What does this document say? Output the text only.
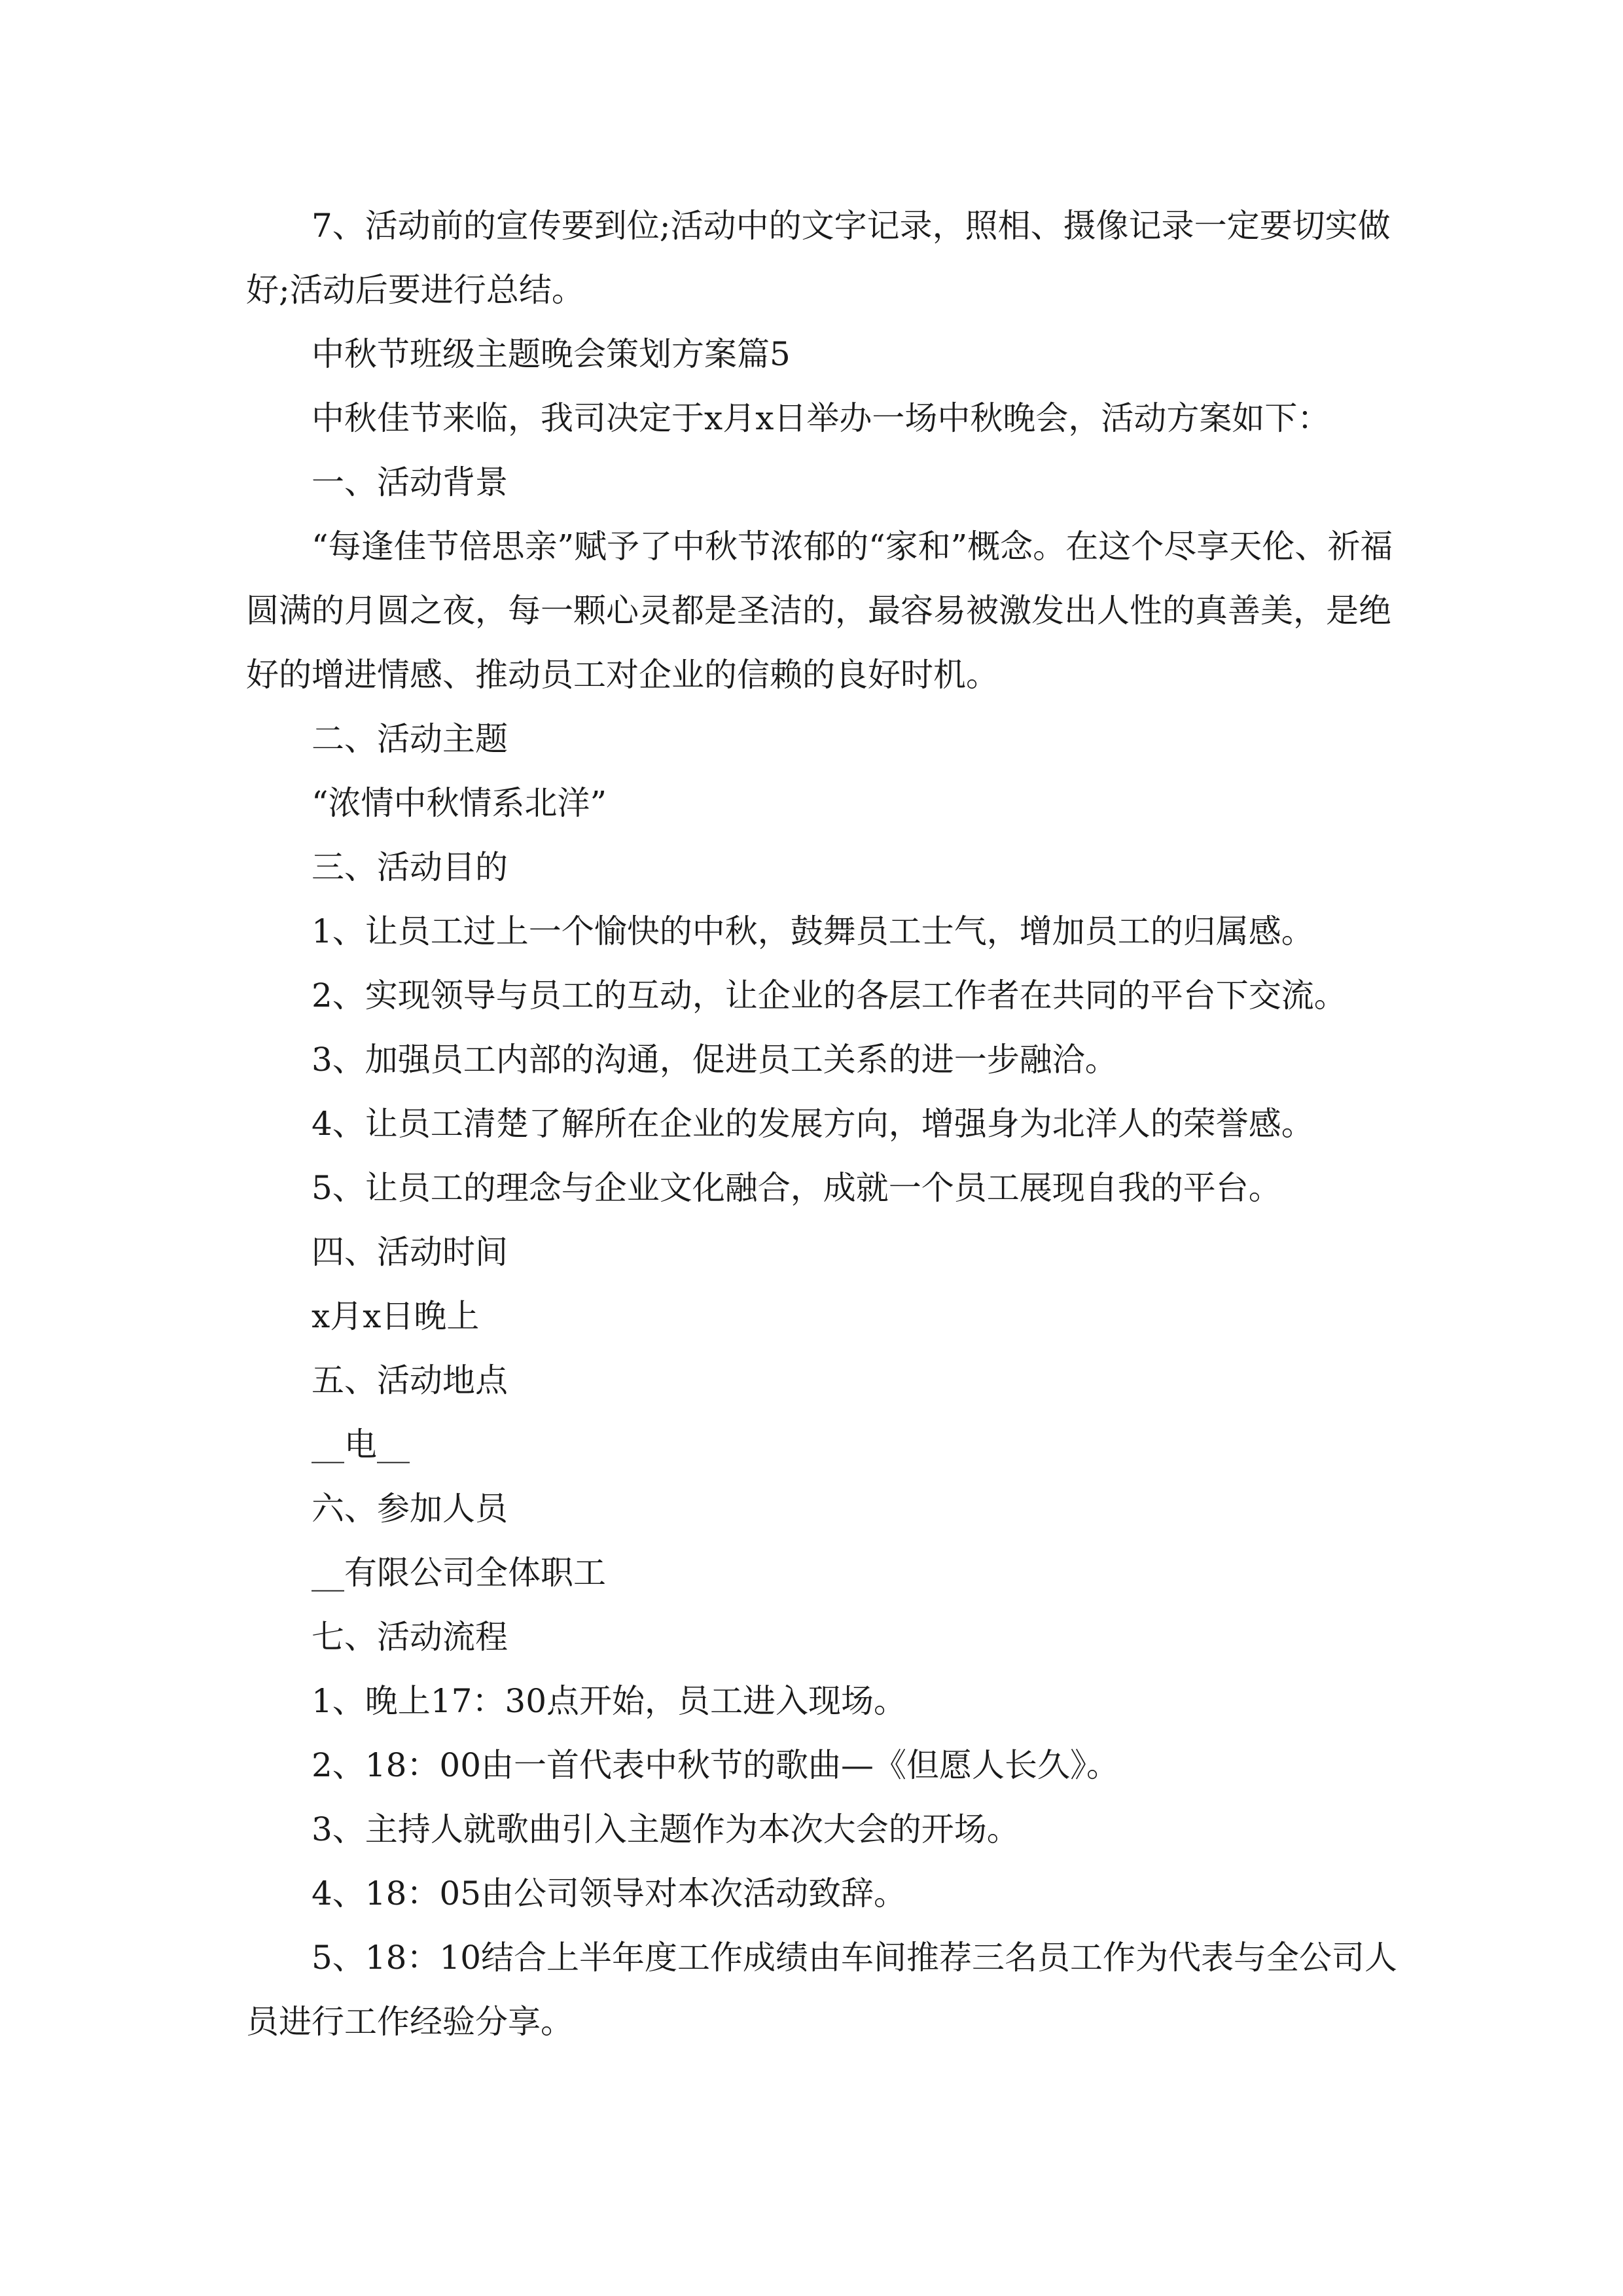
7、活动前的宣传要到位;活动中的文字记录，照相、摄像记录一定要切实做好;活动后要进行总结。

中秋节班级主题晚会策划方案篇5

中秋佳节来临，我司决定于x月x日举办一场中秋晚会，活动方案如下：

一、活动背景

“每逢佳节倍思亲”赋予了中秋节浓郁的“家和”概念。在这个尽享天伦、祈福圆满的月圆之夜，每一颗心灵都是圣洁的，最容易被激发出人性的真善美，是绝好的增进情感、推动员工对企业的信赖的良好时机。

二、活动主题

“浓情中秋情系北洋”

三、活动目的

1、让员工过上一个愉快的中秋，鼓舞员工士气，增加员工的归属感。

2、实现领导与员工的互动，让企业的各层工作者在共同的平台下交流。

3、加强员工内部的沟通，促进员工关系的进一步融洽。

4、让员工清楚了解所在企业的发展方向，增强身为北洋人的荣誉感。

5、让员工的理念与企业文化融合，成就一个员工展现自我的平台。

四、活动时间

x月x日晚上

五、活动地点

__电__

六、参加人员

__有限公司全体职工

七、活动流程

1、晚上17：30点开始，员工进入现场。

2、18：00由一首代表中秋节的歌曲—《但愿人长久》。

3、主持人就歌曲引入主题作为本次大会的开场。

4、18：05由公司领导对本次活动致辞。

5、18：10结合上半年度工作成绩由车间推荐三名员工作为代表与全公司人员进行工作经验分享。
